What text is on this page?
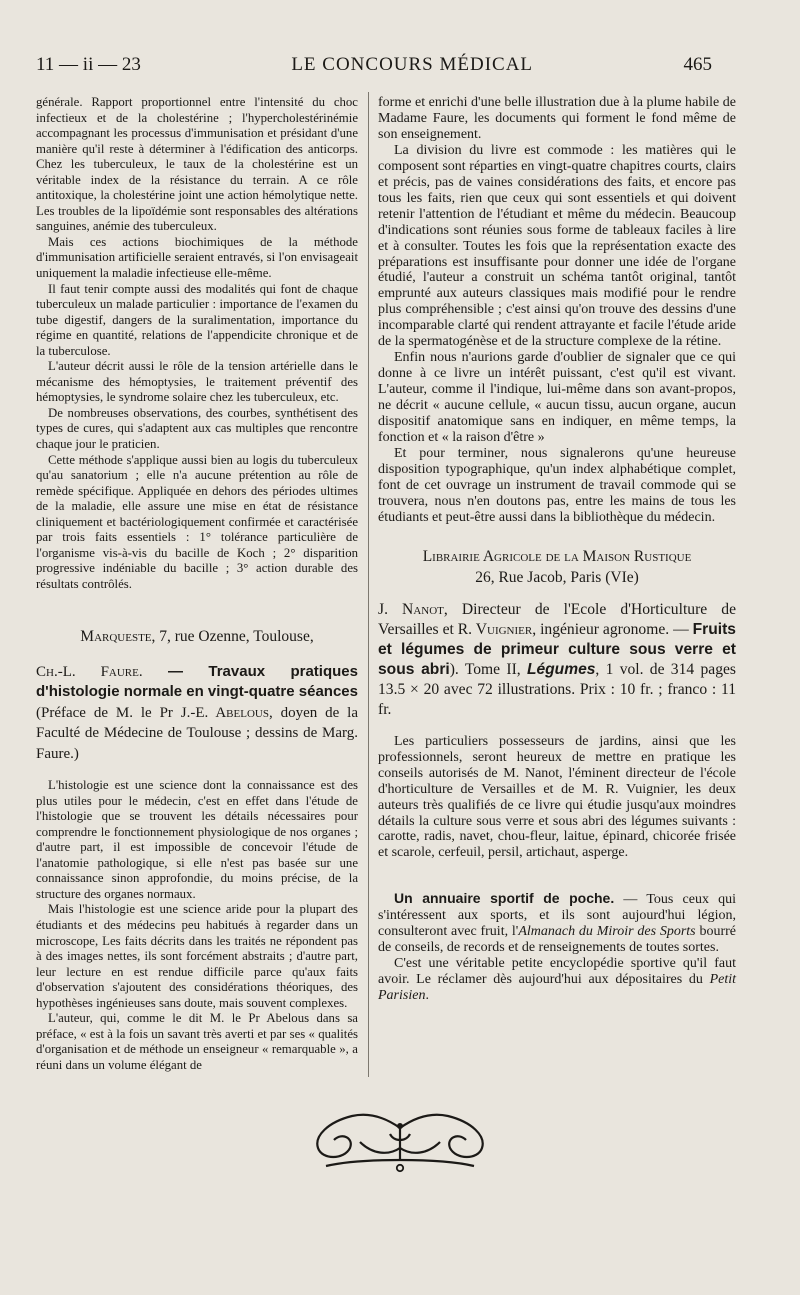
11 — ii — 23	LE CONCOURS MÉDICAL	465

générale. Rapport proportionnel entre l'intensité du choc infectieux et de la cholestérine ; l'hypercholestérinémie accompagnant les processus d'immunisation et présidant d'une manière qu'il reste à déterminer à l'édification des anticorps. Chez les tuberculeux, le taux de la cholestérine est un véritable index de la résistance du terrain. A ce rôle antitoxique, la cholestérine joint une action hémolytique nette. Les troubles de la lipoïdémie sont responsables des altérations sanguines, anémie des tuberculeux.

Mais ces actions biochimiques de la méthode d'immunisation artificielle seraient entravés, si l'on envisageait uniquement la maladie infectieuse elle-même.

Il faut tenir compte aussi des modalités qui font de chaque tuberculeux un malade particulier : importance de l'examen du tube digestif, dangers de la suralimentation, importance du régime en quantité, relations de l'appendicite chronique et de la tuberculose.

L'auteur décrit aussi le rôle de la tension artérielle dans le mécanisme des hémoptysies, le traitement préventif des hémoptysies, le syndrome solaire chez les tuberculeux, etc.

De nombreuses observations, des courbes, synthétisent des types de cures, qui s'adaptent aux cas multiples que rencontre chaque jour le praticien.

Cette méthode s'applique aussi bien au logis du tuberculeux qu'au sanatorium ; elle n'a aucune prétention au rôle de remède spécifique. Appliquée en dehors des périodes ultimes de la maladie, elle assure une mise en état de résistance cliniquement et bactériologiquement confirmée et caractérisée par trois faits essentiels : 1° tolérance particulière de l'organisme vis-à-vis du bacille de Koch ; 2° disparition progressive indéniable du bacille ; 3° action durable des résultats contrôlés.

Marqueste, 7, rue Ozenne, Toulouse,

Ch.-L. Faure. — Travaux pratiques d'histologie normale en vingt-quatre séances (Préface de M. le Pr J.-E. Abelous, doyen de la Faculté de Médecine de Toulouse ; dessins de Marg. Faure.)

L'histologie est une science dont la connaissance est des plus utiles pour le médecin, c'est en effet dans l'étude de l'histologie que se trouvent les détails nécessaires pour comprendre le fonctionnement physiologique de nos organes ; d'autre part, il est impossible de concevoir l'étude de l'anatomie pathologique, si elle n'est pas basée sur une connaissance sinon approfondie, du moins précise, de la structure des organes normaux.

Mais l'histologie est une science aride pour la plupart des étudiants et des médecins peu habitués à regarder dans un microscope, Les faits décrits dans les traités ne répondent pas à des images nettes, ils sont forcément abstraits ; d'autre part, leur lecture en est rendue difficile parce qu'aux faits d'observation s'ajoutent des considérations théoriques, des hypothèses ingénieuses sans doute, mais souvent complexes.

L'auteur, qui, comme le dit M. le Pr Abelous dans sa préface, « est à la fois un savant très averti et par ses « qualités d'organisation et de méthode un enseigneur « remarquable », a réuni dans un volume élégant de

forme et enrichi d'une belle illustration due à la plume habile de Madame Faure, les documents qui forment le fond même de son enseignement.

La division du livre est commode : les matières qui le composent sont réparties en vingt-quatre chapitres courts, clairs et précis, pas de vaines considérations des faits, et encore pas tous les faits, rien que ceux qui sont essentiels et qui doivent retenir l'attention de l'étudiant et même du médecin. Beaucoup d'indications sont réunies sous forme de tableaux faciles à lire et à consulter. Toutes les fois que la représentation exacte des préparations est insuffisante pour donner une idée de l'organe étudié, l'auteur a construit un schéma tantôt original, tantôt emprunté aux auteurs classiques mais modifié pour le rendre plus compréhensible ; c'est ainsi qu'on trouve des dessins d'une incomparable clarté qui rendent attrayante et facile l'étude aride de la spermatogénèse et de la structure complexe de la rétine.

Enfin nous n'aurions garde d'oublier de signaler que ce qui donne à ce livre un intérêt puissant, c'est qu'il est vivant. L'auteur, comme il l'indique, lui-même dans son avant-propos, ne décrit « aucune cellule, « aucun tissu, aucun organe, aucun dispositif anatomique sans en indiquer, en même temps, la fonction et « la raison d'être »

Et pour terminer, nous signalerons qu'une heureuse disposition typographique, qu'un index alphabétique complet, font de cet ouvrage un instrument de travail commode qui se trouvera, nous n'en doutons pas, entre les mains de tous les étudiants et peut-être aussi dans la bibliothèque du médecin.

Librairie Agricole de la Maison Rustique
26, Rue Jacob, Paris (VIe)

J. Nanot, Directeur de l'Ecole d'Horticulture de Versailles et R. Vuignier, ingénieur agronome. — Fruits et légumes de primeur culture sous verre et sous abri). Tome II, Légumes, 1 vol. de 314 pages 13.5 × 20 avec 72 illustrations. Prix : 10 fr. ; franco : 11 fr.

Les particuliers possesseurs de jardins, ainsi que les professionnels, seront heureux de mettre en pratique les conseils autorisés de M. Nanot, l'éminent directeur de l'école d'horticulture de Versailles et de M. R. Vuignier, les deux auteurs très qualifiés de ce livre qui étudie jusqu'aux moindres détails la culture sous verre et sous abri des légumes suivants : carotte, radis, navet, chou-fleur, laitue, épinard, chicorée frisée et scarole, cerfeuil, persil, artichaut, asperge.

Un annuaire sportif de poche. — Tous ceux qui s'intéressent aux sports, et ils sont aujourd'hui légion, consulteront avec fruit, l'Almanach du Miroir des Sports bourré de conseils, de records et de renseignements de toutes sortes.

C'est une véritable petite encyclopédie sportive qu'il faut avoir. Le réclamer dès aujourd'hui aux dépositaires du Petit Parisien.
